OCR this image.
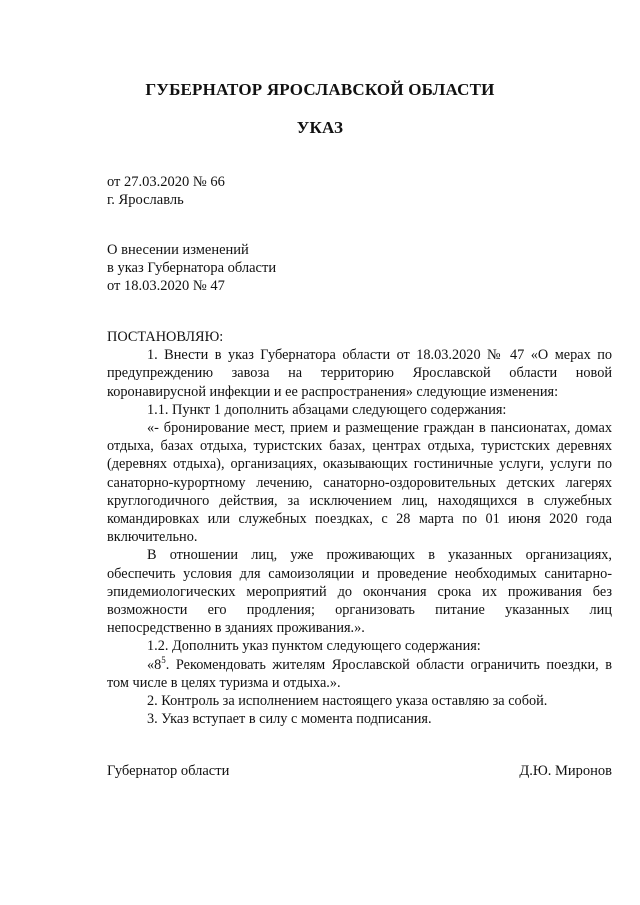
ГУБЕРНАТОР ЯРОСЛАВСКОЙ ОБЛАСТИ
УКАЗ
от 27.03.2020 № 66
г. Ярославль
О внесении изменений
в указ Губернатора области
от 18.03.2020 № 47

ПОСТАНОВЛЯЮ:

1. Внести в указ Губернатора области от 18.03.2020 № 47 «О мерах по предупреждению завоза на территорию Ярославской области новой коронавирусной инфекции и ее распространения» следующие изменения:

1.1. Пункт 1 дополнить абзацами следующего содержания:

«- бронирование мест, прием и размещение граждан в пансионатах, домах отдыха, базах отдыха, туристских базах, центрах отдыха, туристских деревнях (деревнях отдыха), организациях, оказывающих гостиничные услуги, услуги по санаторно-курортному лечению, санаторно-оздоровительных детских лагерях круглогодичного действия, за исключением лиц, находящихся в служебных командировках или служебных поездках, с 28 марта по 01 июня 2020 года включительно.

В отношении лиц, уже проживающих в указанных организациях, обеспечить условия для самоизоляции и проведение необходимых санитарно-эпидемиологических мероприятий до окончания срока их проживания без возможности его продления; организовать питание указанных лиц непосредственно в зданиях проживания.».

1.2. Дополнить указ пунктом следующего содержания:

«$8^5$. Рекомендовать жителям Ярославской области ограничить поездки, в том числе в целях туризма и отдыха.».

2. Контроль за исполнением настоящего указа оставляю за собой.

3. Указ вступает в силу с момента подписания.

Губернатор области	Д.Ю. Миронов
